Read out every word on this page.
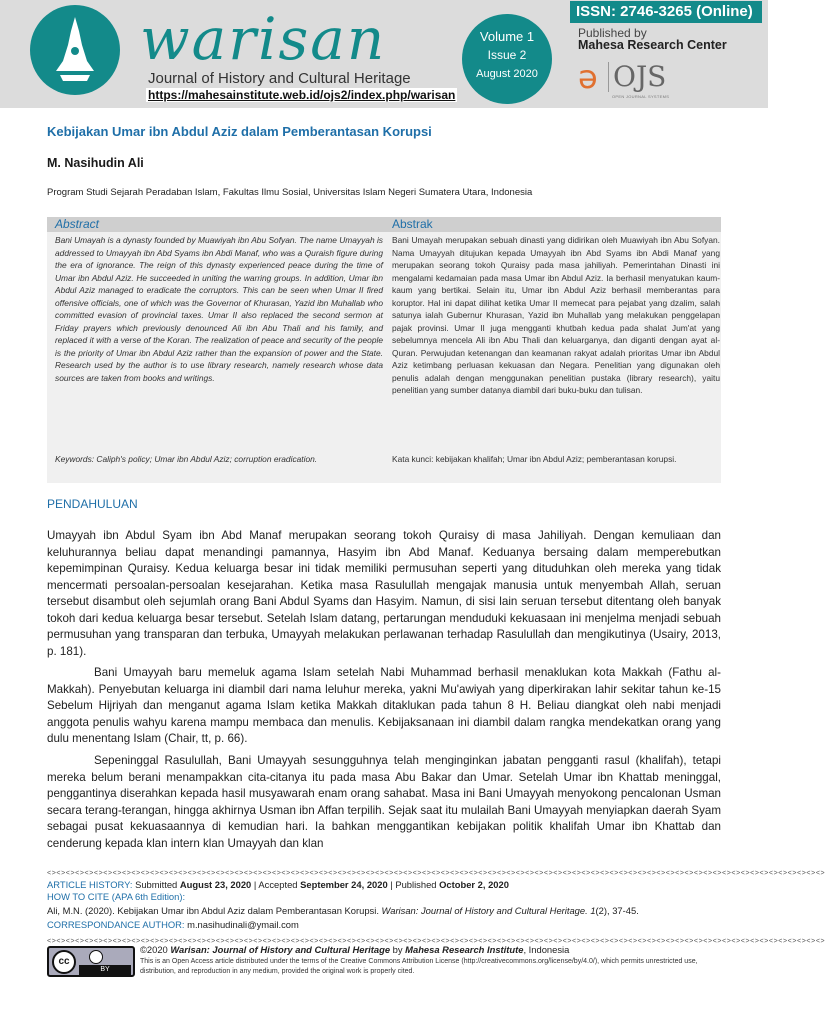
warisan
Journal of History and Cultural Heritage
https://mahesainstitute.web.id/ojs2/index.php/warisan
Volume 1
Issue 2
August 2020
ISSN: 2746-3265 (Online)
Published by
Mahesa Research Center
ə OJS
OPEN JOURNAL SYSTEMS
Kebijakan Umar ibn Abdul Aziz dalam Pemberantasan Korupsi
M. Nasihudin Ali
Program Studi Sejarah Peradaban Islam, Fakultas Ilmu Sosial, Universitas Islam Negeri Sumatera Utara, Indonesia
Abstract	Abstrak
Bani Umayah is a dynasty founded by Muawiyah ibn Abu Sofyan. The name Umayyah is addressed to Umayyah ibn Abd Syams ibn Abdi Manaf, who was a Quraish figure during the era of ignorance. The reign of this dynasty experienced peace during the time of Umar ibn Abdul Aziz. He succeeded in uniting the warring groups. In addition, Umar ibn Abdul Aziz managed to eradicate the corruptors. This can be seen when Umar II fired offensive officials, one of which was the Governor of Khurasan, Yazid ibn Muhallab who committed evasion of provincial taxes. Umar II also replaced the second sermon at Friday prayers which previously denounced Ali ibn Abu Thali and his family, and replaced it with a verse of the Koran. The realization of peace and security of the people is the priority of Umar ibn Abdul Aziz rather than the expansion of power and the State. Research used by the author is to use library research, namely research whose data sources are taken from books and writings.
Bani Umayah merupakan sebuah dinasti yang didirikan oleh Muawiyah ibn Abu Sofyan. Nama Umayyah ditujukan kepada Umayyah ibn Abd Syams ibn Abdi Manaf yang merupakan seorang tokoh Quraisy pada masa jahiliyah. Pemerintahan Dinasti ini mengalami kedamaian pada masa Umar ibn Abdul Aziz. Ia berhasil menyatukan kaum-kaum yang bertikai. Selain itu, Umar ibn Abdul Aziz berhasil memberantas para koruptor. Hal ini dapat dilihat ketika Umar II memecat para pejabat yang dzalim, salah satunya ialah Gubernur Khurasan, Yazid ibn Muhallab yang melakukan penggelapan pajak provinsi. Umar II juga mengganti khutbah kedua pada shalat Jum'at yang sebelumnya mencela Ali ibn Abu Thali dan keluarganya, dan diganti dengan ayat al-Quran. Perwujudan ketenangan dan keamanan rakyat adalah prioritas Umar ibn Abdul Aziz ketimbang perluasan kekuasan dan Negara. Penelitian yang digunakan oleh penulis adalah dengan menggunakan penelitian pustaka (library research), yaitu penelitian yang sumber datanya diambil dari buku-buku dan tulisan.
Keywords: Caliph's policy; Umar ibn Abdul Aziz; corruption eradication.	Kata kunci: kebijakan khalifah; Umar ibn Abdul Aziz; pemberantasan korupsi.
PENDAHULUAN
Umayyah ibn Abdul Syam ibn Abd Manaf merupakan seorang tokoh Quraisy di masa Jahiliyah. Dengan kemuliaan dan keluhurannya beliau dapat menandingi pamannya, Hasyim ibn Abd Manaf. Keduanya bersaing dalam memperebutkan kepemimpinan Quraisy. Kedua keluarga besar ini tidak memiliki permusuhan seperti yang dituduhkan oleh mereka yang tidak mencermati persoalan-persoalan kesejarahan. Ketika masa Rasulullah mengajak manusia untuk menyembah Allah, seruan tersebut disambut oleh sejumlah orang Bani Abdul Syams dan Hasyim. Namun, di sisi lain seruan tersebut ditentang oleh banyak tokoh dari kedua keluarga besar tersebut. Setelah Islam datang, pertarungan menduduki kekuasaan ini menjelma menjadi sebuah permusuhan yang transparan dan terbuka, Umayyah melakukan perlawanan terhadap Rasulullah dan mengikutinya (Usairy, 2013, p. 181).
Bani Umayyah baru memeluk agama Islam setelah Nabi Muhammad berhasil menaklukan kota Makkah (Fathu al-Makkah). Penyebutan keluarga ini diambil dari nama leluhur mereka, yakni Mu'awiyah yang diperkirakan lahir sekitar tahun ke-15 Sebelum Hijriyah dan menganut agama Islam ketika Makkah ditaklukan pada tahun 8 H. Beliau diangkat oleh nabi menjadi anggota penulis wahyu karena mampu membaca dan menulis. Kebijaksanaan ini diambil dalam rangka mendekatkan orang yang dulu menentang Islam (Chair, tt, p. 66).
Sepeninggal Rasulullah, Bani Umayyah sesungguhnya telah menginginkan jabatan pengganti rasul (khalifah), tetapi mereka belum berani menampakkan cita-citanya itu pada masa Abu Bakar dan Umar. Setelah Umar ibn Khattab meninggal, penggantinya diserahkan kepada hasil musyawarah enam orang sahabat. Masa ini Bani Umayyah menyokong pencalonan Usman secara terang-terangan, hingga akhirnya Usman ibn Affan terpilih. Sejak saat itu mulailah Bani Umayyah menyiapkan daerah Syam sebagai pusat kekuasaannya di kemudian hari. Ia bahkan menggantikan kebijakan politik khalifah Umar ibn Khattab dan cenderung kepada klan intern klan Umayyah dan klan
<><><><><><><><><><><><><><><><><><><><><><><><><><><><><><><><><><><><><><><><><><><><><><><><><><><><><><><><><><><><><><><><><><><><><><><><><><><><><><><><><><><>
ARTICLE HISTORY: Submitted August 23, 2020 | Accepted September 24, 2020 | Published October 2, 2020
HOW TO CITE (APA 6th Edition):
Ali, M.N. (2020). Kebijakan Umar ibn Abdul Aziz dalam Pemberantasan Korupsi. Warisan: Journal of History and Cultural Heritage. 1(2), 37-45.
CORRESPONDANCE AUTHOR: m.nasihudinali@ymail.com
<><><><><><><><><><><><><><><><><><><><><><><><><><><><><><><><><><><><><><><><><><><><><><><><><><><><><><><><><><><><><><><><><><><><><><><><><><><><><><><><><><><>
cc
BY
©2020 Warisan: Journal of History and Cultural Heritage by Mahesa Research Institute, Indonesia
This is an Open Access article distributed under the terms of the Creative Commons Attribution License (http://creativecommons.org/license/by/4.0/), which permits unrestricted use, distribution, and reproduction in any medium, provided the original work is properly cited.
